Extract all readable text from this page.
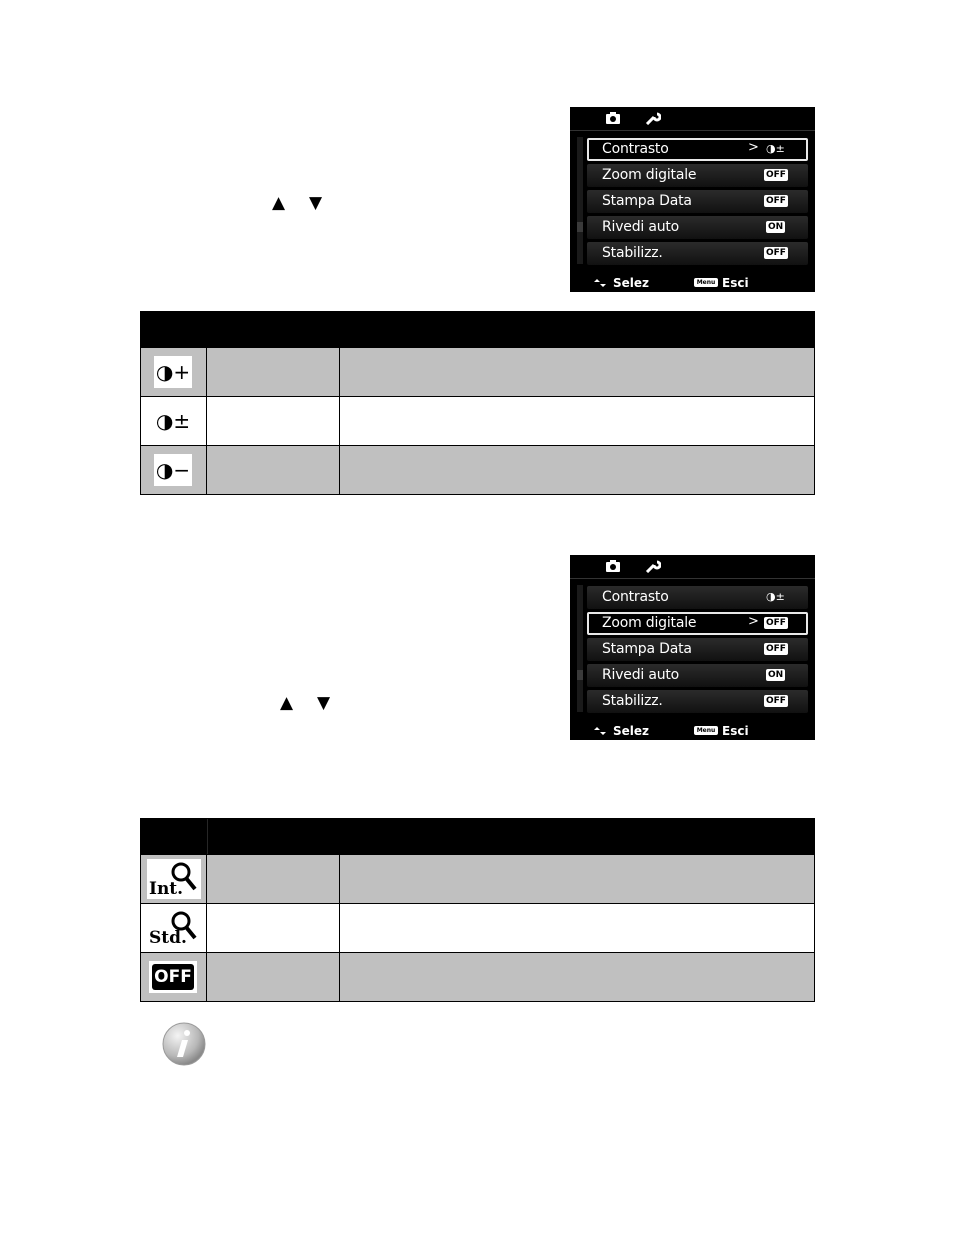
Contrasto	> ◑±
Zoom digitale	OFF
Stampa Data	OFF
Rivedi auto	ON
Stabilizz.	OFF
Selez	Menu Esci
▲ ▼
◑+
◑±
◑−
Contrasto	◑±
Zoom digitale	> OFF
Stampa Data	OFF
Rivedi auto	ON
Stabilizz.	OFF
Selez	Menu Esci
▲ ▼
Int.
Std.
OFF
